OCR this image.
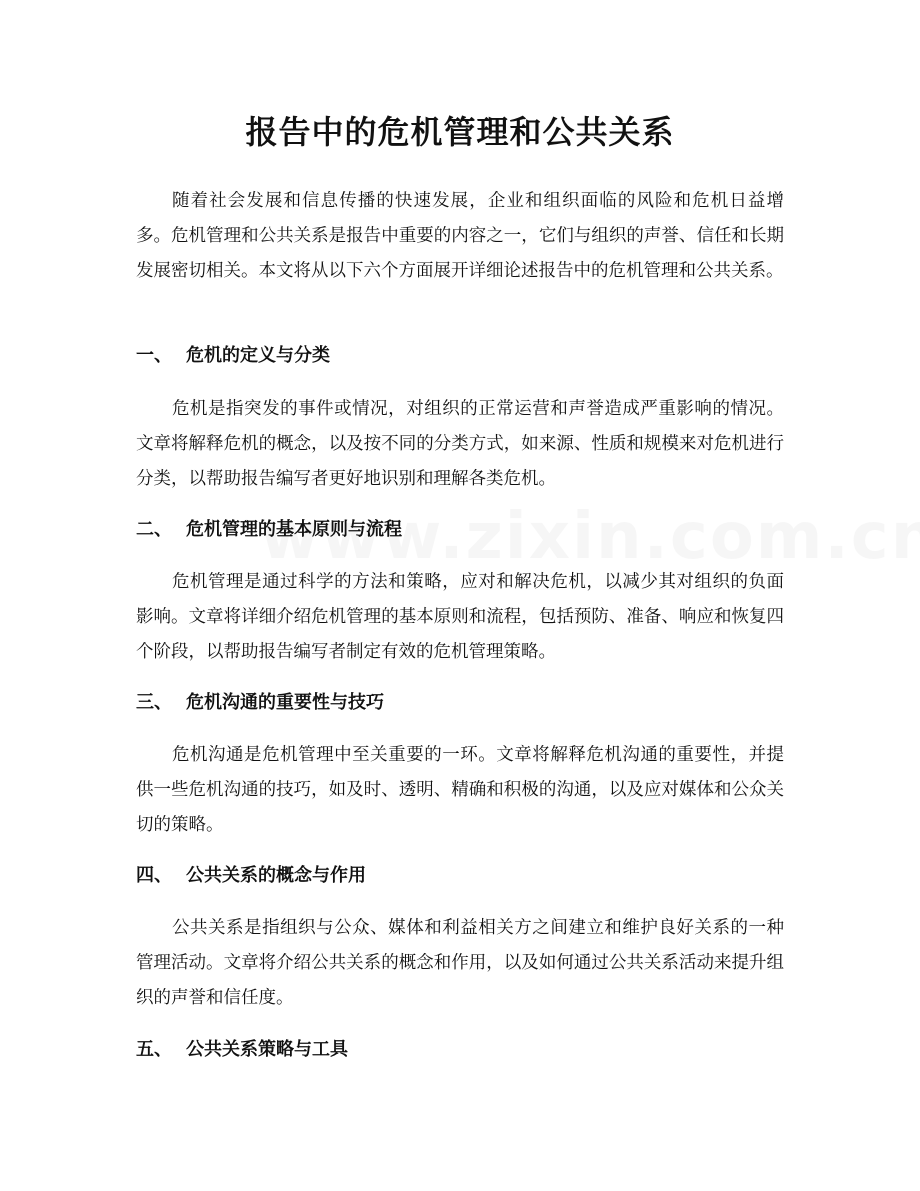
报告中的危机管理和公共关系

随着社会发展和信息传播的快速发展，企业和组织面临的风险和危机日益增多。危机管理和公共关系是报告中重要的内容之一，它们与组织的声誉、信任和长期发展密切相关。本文将从以下六个方面展开详细论述报告中的危机管理和公共关系。

一、 危机的定义与分类

危机是指突发的事件或情况，对组织的正常运营和声誉造成严重影响的情况。文章将解释危机的概念，以及按不同的分类方式，如来源、性质和规模来对危机进行分类，以帮助报告编写者更好地识别和理解各类危机。

二、 危机管理的基本原则与流程

危机管理是通过科学的方法和策略，应对和解决危机，以减少其对组织的负面影响。文章将详细介绍危机管理的基本原则和流程，包括预防、准备、响应和恢复四个阶段，以帮助报告编写者制定有效的危机管理策略。

三、 危机沟通的重要性与技巧

危机沟通是危机管理中至关重要的一环。文章将解释危机沟通的重要性，并提供一些危机沟通的技巧，如及时、透明、精确和积极的沟通，以及应对媒体和公众关切的策略。

四、 公共关系的概念与作用

公共关系是指组织与公众、媒体和利益相关方之间建立和维护良好关系的一种管理活动。文章将介绍公共关系的概念和作用，以及如何通过公共关系活动来提升组织的声誉和信任度。

五、 公共关系策略与工具
